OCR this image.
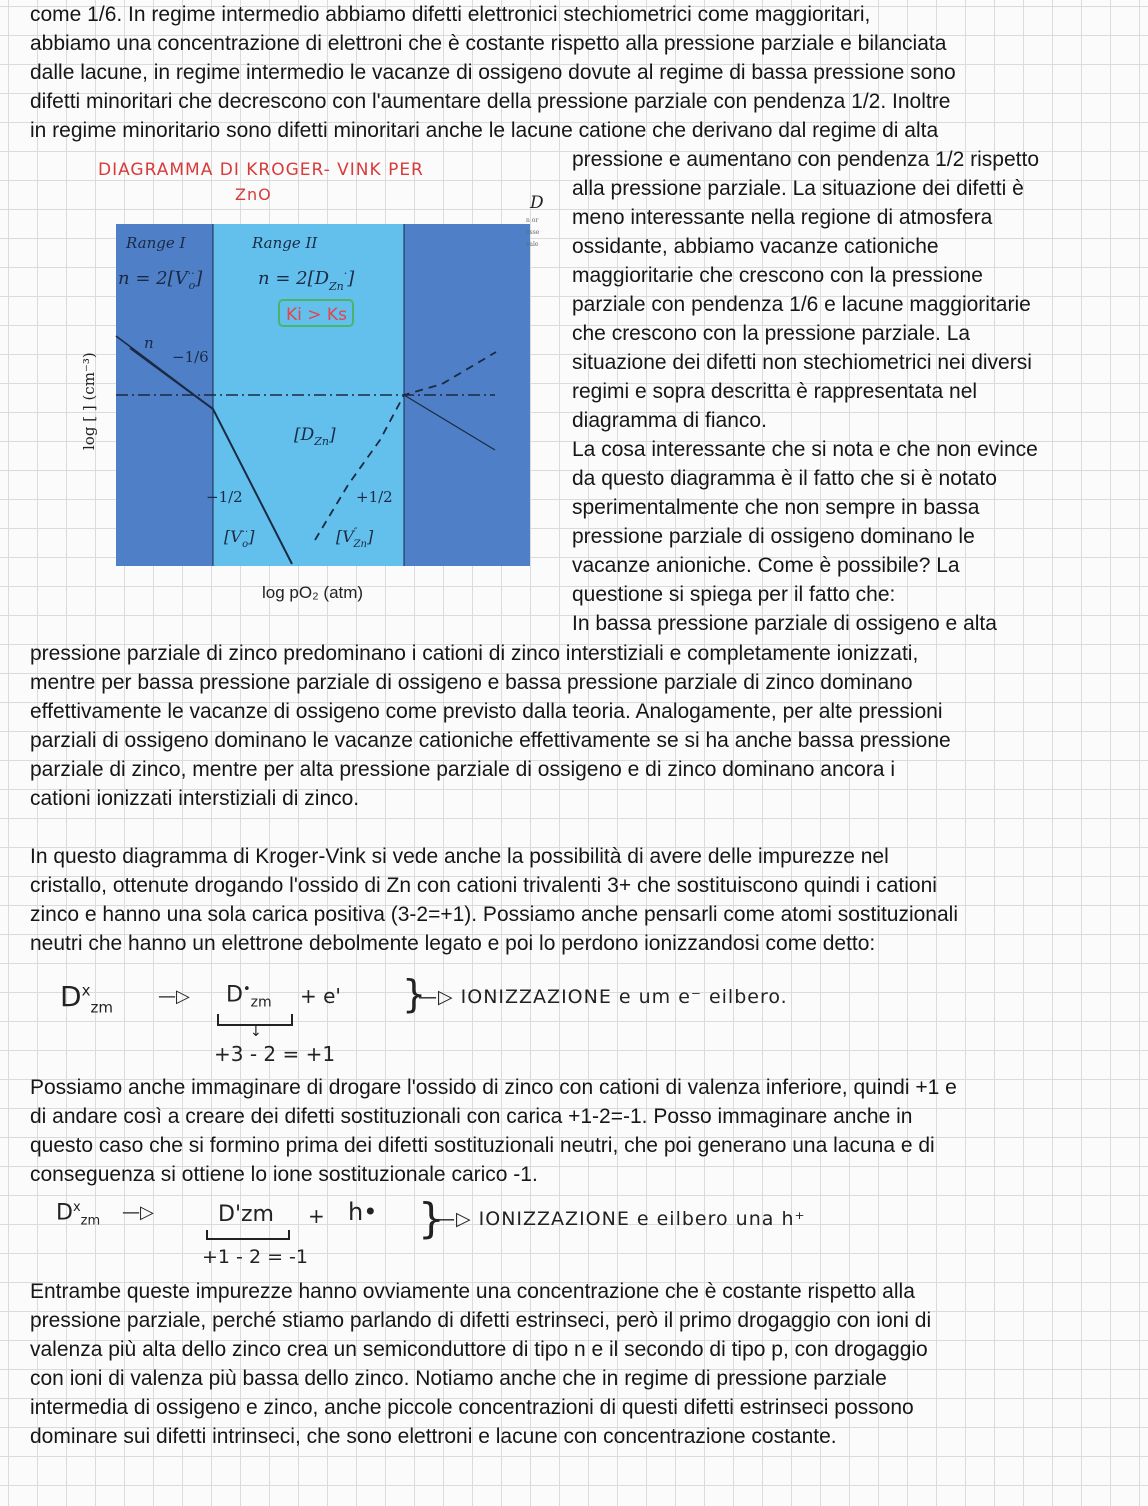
come 1/6. In regime intermedio abbiamo difetti elettronici stechiometrici come maggioritari,
abbiamo una concentrazione di elettroni che è costante rispetto alla pressione parziale e bilanciata
dalle lacune, in regime intermedio le vacanze di ossigeno dovute al regime di bassa pressione sono
difetti minoritari che decrescono con l'aumentare della pressione parziale con pendenza 1/2. Inoltre
in regime minoritario sono difetti minoritari anche le lacune catione che derivano dal regime di alta
pressione e aumentano con pendenza 1/2 rispetto
alla pressione parziale. La situazione dei difetti è
meno interessante nella regione di atmosfera
ossidante, abbiamo vacanze cationiche
maggioritarie che crescono con la pressione
parziale con pendenza 1/6 e lacune maggioritarie
che crescono con la pressione parziale. La
situazione dei difetti non stechiometrici nei diversi
regimi e sopra descritta è rappresentata nel
diagramma di fianco.
La cosa interessante che si nota e che non evince
da questo diagramma è il fatto che si è notato
sperimentalmente che non sempre in bassa
pressione parziale di ossigeno dominano le
vacanze anioniche. Come è possibile? La
questione si spiega per il fatto che:
In bassa pressione parziale di ossigeno e alta
DIAGRAMMA DI KROGER- VINK PER
ZnO
log [ ] (cm⁻³)
log pO₂ (atm)
Range I	Range II
n = 2[V·· o]	$n = 2[D_{Zn}^\cdot]$
Ki > Ks
n
−1/6
$[D_{Zn}]$
−1/2	+1/2
[V·· o]	[V″ Zn]
D
n or
osse
vale
pressione parziale di zinco predominano i cationi di zinco interstiziali e completamente ionizzati,
mentre per bassa pressione parziale di ossigeno e bassa pressione parziale di zinco dominano
effettivamente le vacanze di ossigeno come previsto dalla teoria. Analogamente, per alte pressioni
parziali di ossigeno dominano le vacanze cationiche effettivamente se si ha anche bassa pressione
parziale di zinco, mentre per alta pressione parziale di ossigeno e di zinco dominano ancora i
cationi ionizzati interstiziali di zinco.
In questo diagramma di Kroger-Vink si vede anche la possibilità di avere delle impurezze nel
cristallo, ottenute drogando l'ossido di Zn con cationi trivalenti 3+ che sostituiscono quindi i cationi
zinco e hanno una sola carica positiva (3-2=+1). Possiamo anche pensarli come atomi sostituzionali
neutri che hanno un elettrone debolmente legato e poi lo perdono ionizzandosi come detto:
$D^x_{zm}$
—▷ $D^•_{zm} + e'$
↓
+3 - 2 = +1
}
—▷ IONIZZAZIONE e um e⁻ eilbero.
Possiamo anche immaginare di drogare l'ossido di zinco con cationi di valenza inferiore, quindi +1 e
di andare così a creare dei difetti sostituzionali con carica +1-2=-1. Posso immaginare anche in
questo caso che si formino prima dei difetti sostituzionali neutri, che poi generano una lacuna e di
conseguenza si ottiene lo ione sostituzionale carico -1.
$D^x_{zm}$ —▷	D'zm + h•
+1 - 2 = -1
}
—▷ IONIZZAZIONE e eilbero una h⁺
Entrambe queste impurezze hanno ovviamente una concentrazione che è costante rispetto alla
pressione parziale, perché stiamo parlando di difetti estrinseci, però il primo drogaggio con ioni di
valenza più alta dello zinco crea un semiconduttore di tipo n e il secondo di tipo p, con drogaggio
con ioni di valenza più bassa dello zinco. Notiamo anche che in regime di pressione parziale
intermedia di ossigeno e zinco, anche piccole concentrazioni di questi difetti estrinseci possono
dominare sui difetti intrinseci, che sono elettroni e lacune con concentrazione costante.
